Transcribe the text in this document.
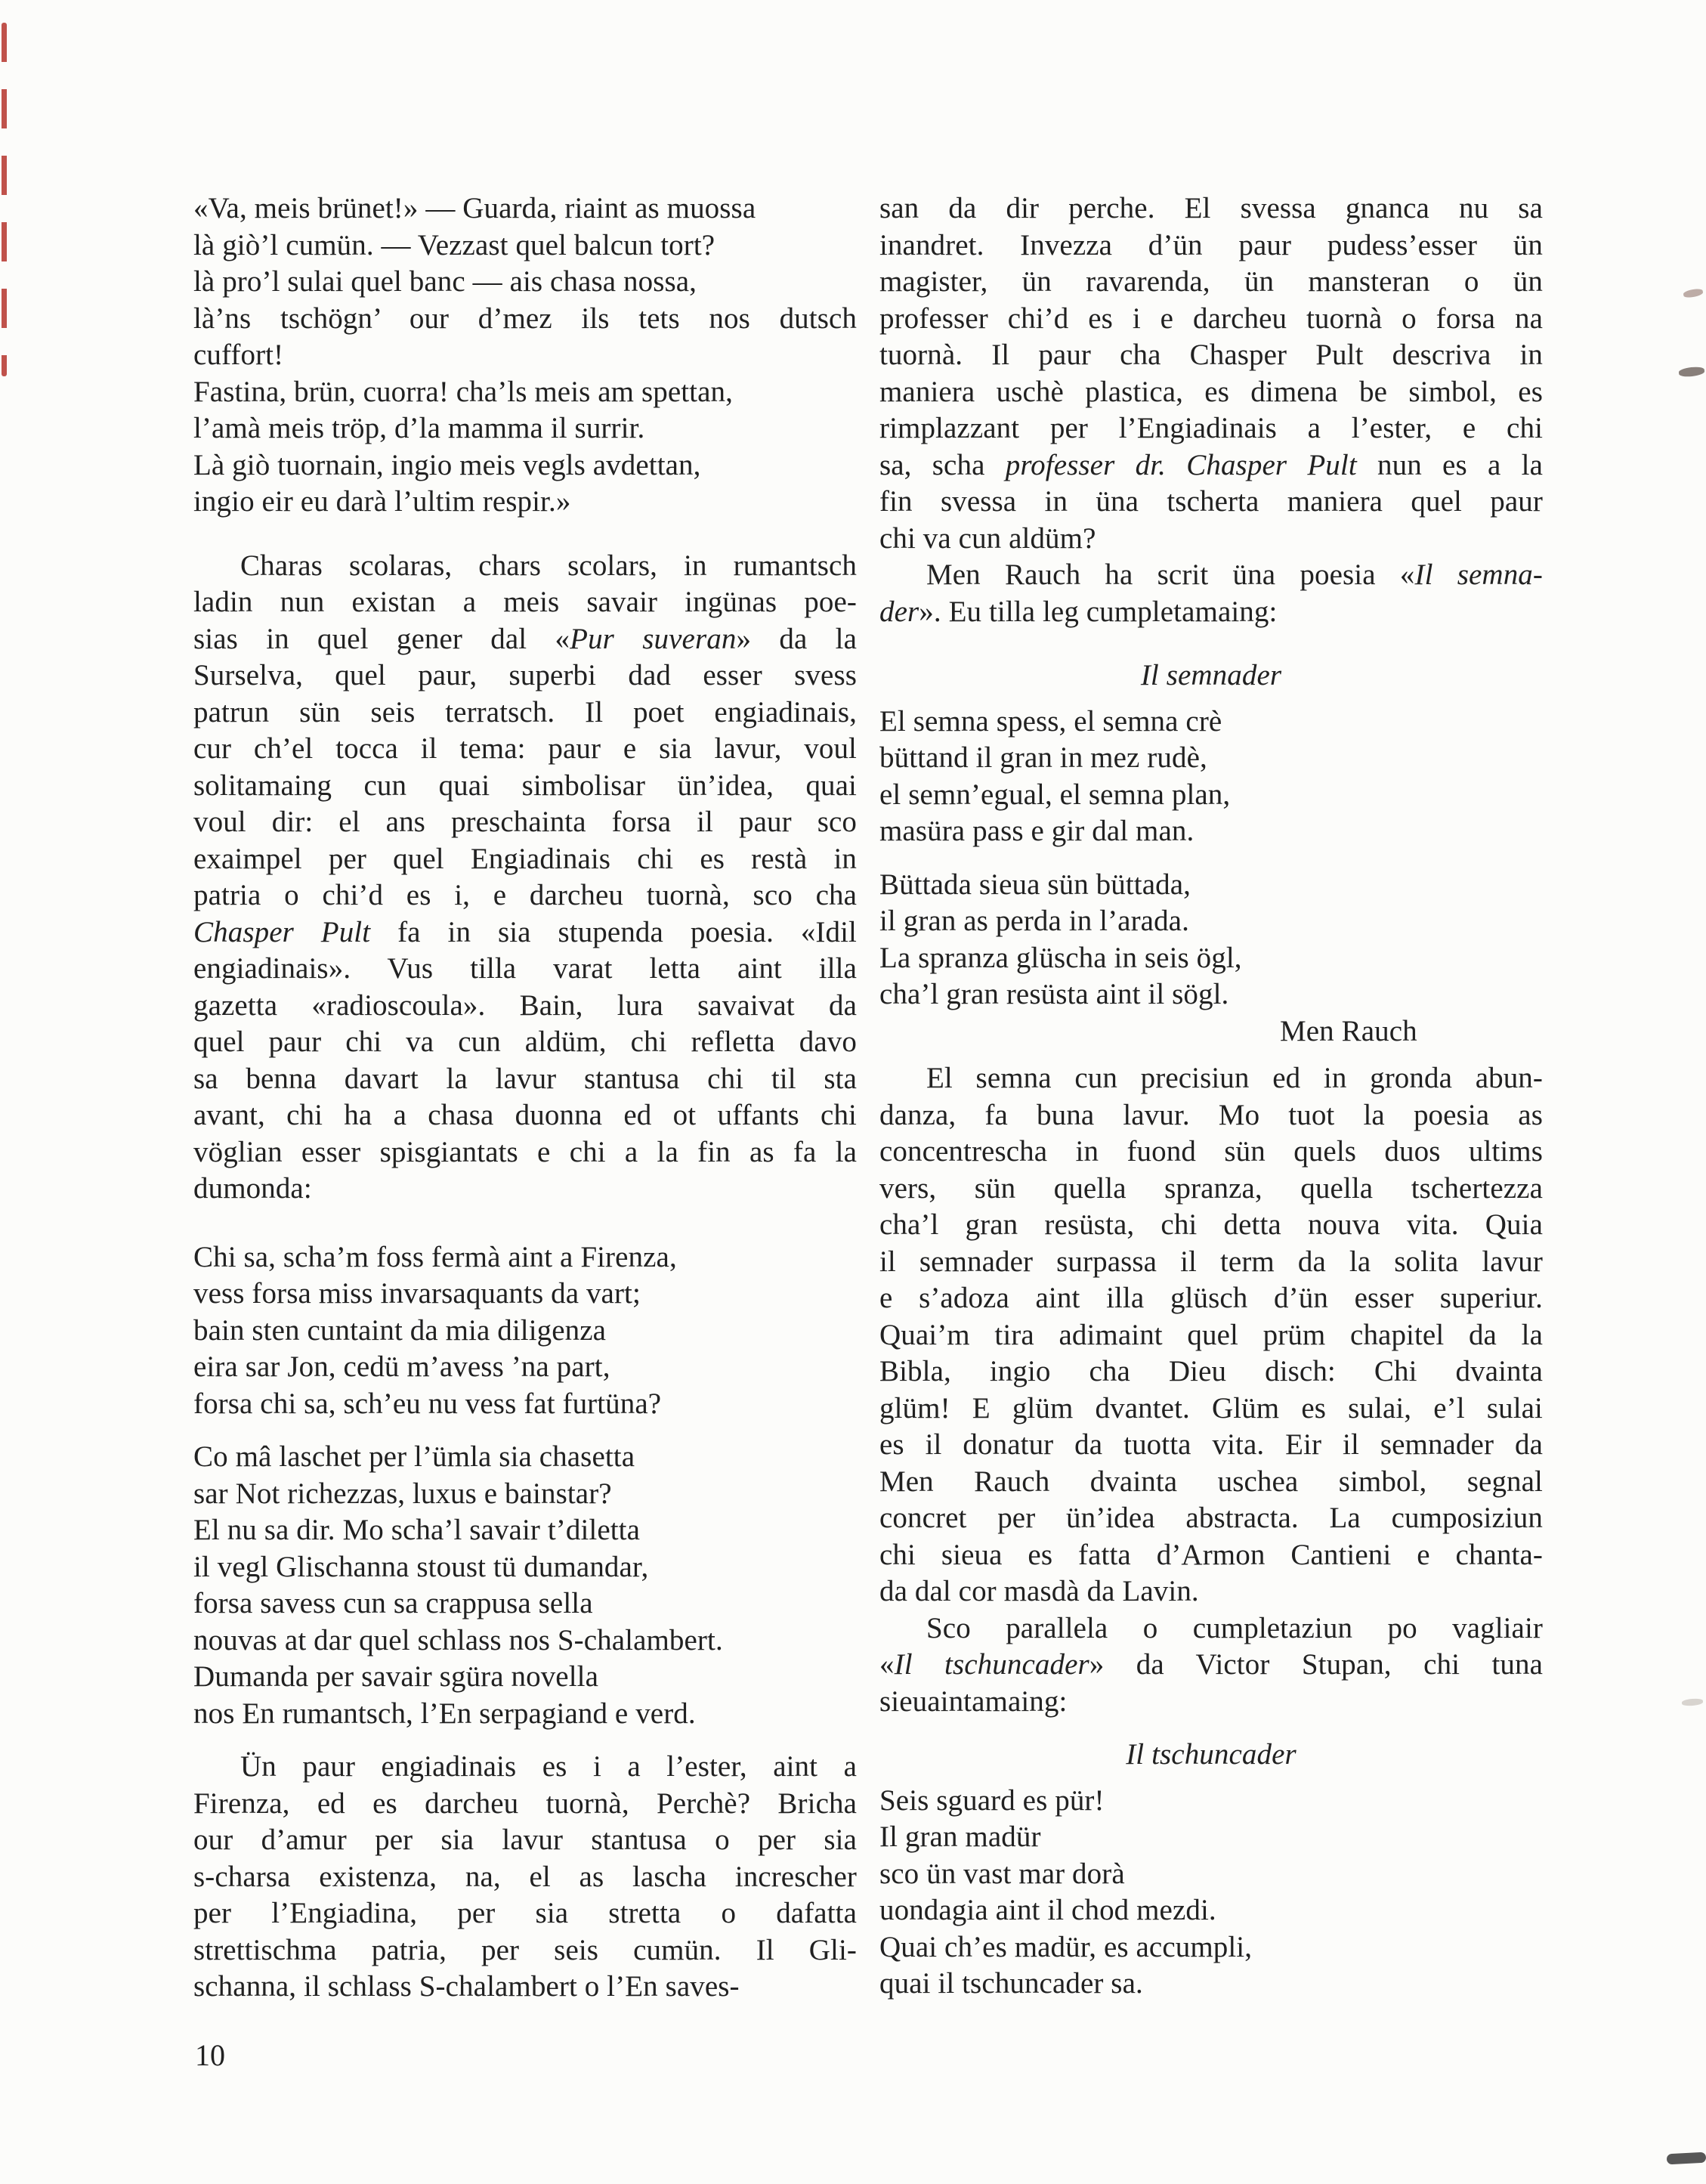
«Va, meis brünet!» — Guarda, riaint as muossa
là giò’l cumün. — Vezzast quel balcun tort?
là pro’l sulai quel banc — ais chasa nossa,
là’ns tschögn’ our d’mez ils tets nos dutsch
cuffort!
Fastina, brün, cuorra! cha’ls meis am spettan,
l’amà meis tröp, d’la mamma il surrir.
Là giò tuornain, ingio meis vegls avdettan,
ingio eir eu darà l’ultim respir.»
Charas scolaras, chars scolars, in rumantsch
ladin nun existan a meis savair ingünas poe-
sias in quel gener dal «Pur suveran» da la
Surselva, quel paur, superbi dad esser svess
patrun sün seis terratsch. Il poet engiadinais,
cur ch’el tocca il tema: paur e sia lavur, voul
solitamaing cun quai simbolisar ün’idea, quai
voul dir: el ans preschainta forsa il paur sco
exaimpel per quel Engiadinais chi es restà in
patria o chi’d es i, e darcheu tuornà, sco cha
Chasper Pult fa in sia stupenda poesia. «Idil
engiadinais». Vus tilla varat letta aint illa
gazetta «radioscoula». Bain, lura savaivat da
quel paur chi va cun aldüm, chi refletta davo
sa benna davart la lavur stantusa chi til sta
avant, chi ha a chasa duonna ed ot uffants chi
vöglian esser spisgiantats e chi a la fin as fa la
dumonda:
Chi sa, scha’m foss fermà aint a Firenza,
vess forsa miss invarsaquants da vart;
bain sten cuntaint da mia diligenza
eira sar Jon, cedü m’avess ’na part,
forsa chi sa, sch’eu nu vess fat furtüna?
Co mâ laschet per l’ümla sia chasetta
sar Not richezzas, luxus e bainstar?
El nu sa dir. Mo scha’l savair t’diletta
il vegl Glischanna stoust tü dumandar,
forsa savess cun sa crappusa sella
nouvas at dar quel schlass nos S-chalambert.
Dumanda per savair sgüra novella
nos En rumantsch, l’En serpagiand e verd.
Ün paur engiadinais es i a l’ester, aint a
Firenza, ed es darcheu tuornà, Perchè? Bricha
our d’amur per sia lavur stantusa o per sia
s-charsa existenza, na, el as lascha increscher
per l’Engiadina, per sia stretta o dafatta
strettischma patria, per seis cumün. Il Gli-
schanna, il schlass S-chalambert o l’En saves-
san da dir perche. El svessa gnanca nu sa
inandret. Invezza d’ün paur pudess’esser ün
magister, ün ravarenda, ün mansteran o ün
professer chi’d es i e darcheu tuornà o forsa na
tuornà. Il paur cha Chasper Pult descriva in
maniera uschè plastica, es dimena be simbol, es
rimplazzant per l’Engiadinais a l’ester, e chi
sa, scha professer dr. Chasper Pult nun es a la
fin svessa in üna tscherta maniera quel paur
chi va cun aldüm?
Men Rauch ha scrit üna poesia «Il semna-
der». Eu tilla leg cumpletamaing:
Il semnader
El semna spess, el semna crè
büttand il gran in mez rudè,
el semn’egual, el semna plan,
masüra pass e gir dal man.
Büttada sieua sün büttada,
il gran as perda in l’arada.
La spranza glüscha in seis ögl,
cha’l gran resüsta aint il sögl.
Men Rauch
El semna cun precisiun ed in gronda abun-
danza, fa buna lavur. Mo tuot la poesia as
concentrescha in fuond sün quels duos ultims
vers, sün quella spranza, quella tschertezza
cha’l gran resüsta, chi detta nouva vita. Quia
il semnader surpassa il term da la solita lavur
e s’adoza aint illa glüsch d’ün esser superiur.
Quai’m tira adimaint quel prüm chapitel da la
Bibla, ingio cha Dieu disch: Chi dvainta
glüm! E glüm dvantet. Glüm es sulai, e’l sulai
es il donatur da tuotta vita. Eir il semnader da
Men Rauch dvainta uschea simbol, segnal
concret per ün’idea abstracta. La cumposiziun
chi sieua es fatta d’Armon Cantieni e chanta-
da dal cor masdà da Lavin.
Sco parallela o cumpletaziun po vagliair
«Il tschuncader» da Victor Stupan, chi tuna
sieuaintamaing:
Il tschuncader
Seis sguard es pür!
Il gran madür
sco ün vast mar dorà
uondagia aint il chod mezdi.
Quai ch’es madür, es accumpli,
quai il tschuncader sa.
10
